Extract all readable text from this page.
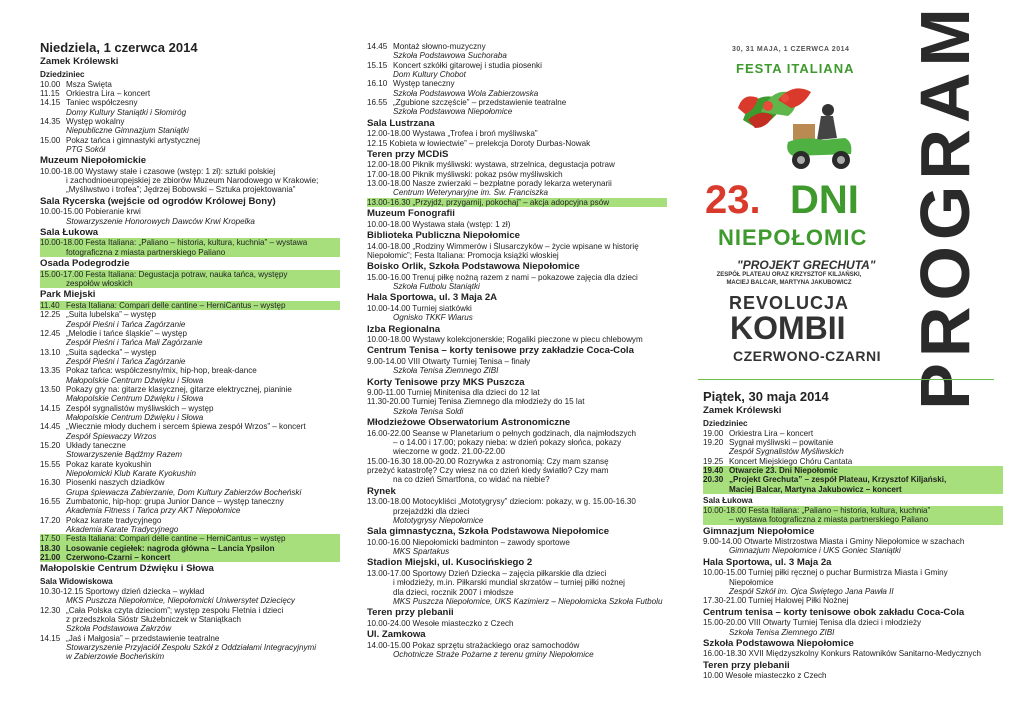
Niedziela, 1 czerwca 2014
Zamek Królewski
Dziedziniec
10.00 Msza Święta
11.15 Orkiestra Lira – koncert
14.15 Taniec współczesny
Domy Kultury Staniątki i Słomiróg
14.35 Występ wokalny
Niepubliczne Gimnazjum Staniątki
15.00 Pokaz tańca i gimnastyki artystycznej
PTG Sokół
Muzeum Niepołomickie
10.00-18.00 Wystawy stałe i czasowe (wstęp: 1 zł): sztuki polskiej
i zachodnioeuropejskiej ze zbiorów Muzeum Narodowego w Krakowie;
„Myśliwstwo i trofea”; Jędrzej Bobowski – Sztuka projektowania”
Sala Rycerska (wejście od ogrodów Królowej Bony)
10.00-15.00 Pobieranie krwi
Stowarzyszenie Honorowych Dawców Krwi Kropelka
Sala Łukowa
10.00-18.00 Festa Italiana: „Paliano – historia, kultura, kuchnia” – wystawa
fotograficzna z miasta partnerskiego Paliano
Osada Podegrodzie
15.00-17.00 Festa Italiana: Degustacja potraw, nauka tańca, występy
zespołów włoskich
Park Miejski
11.40 Festa Italiana: Compari delle cantine – HerniCantus – występ
12.25 „Suita lubelska” – występ
Zespół Pieśni i Tańca Zagórzanie
12.45 „Melodie i tańce śląskie” – występ
Zespół Pieśni i Tańca Mali Zagórzanie
13.10 „Suita sądecka” – występ
Zespół Pieśni i Tańca Zagórzanie
13.35 Pokaz tańca: współczesny/mix, hip-hop, break-dance
Małopolskie Centrum Dźwięku i Słowa
13.50 Pokazy gry na: gitarze klasycznej, gitarze elektrycznej, pianinie
Małopolskie Centrum Dźwięku i Słowa
14.15 Zespół sygnalistów myśliwskich – występ
Małopolskie Centrum Dźwięku i Słowa
14.45 „Wiecznie młody duchem i sercem śpiewa zespół Wrzos” – koncert
Zespół Śpiewaczy Wrzos
15.20 Układy taneczne
Stowarzyszenie Bądźmy Razem
15.55 Pokaz karate kyokushin
Niepołomicki Klub Karate Kyokushin
16.30 Piosenki naszych dziadków
Grupa śpiewacza Zabierzanie, Dom Kultury Zabierzów Bocheński
16.55 Zumbatonic, hip-hop: grupa Junior Dance – występ taneczny
Akademia Fitness i Tańca przy AKT Niepołomice
17.20 Pokaz karate tradycyjnego
Akademia Karate Tradycyjnego
17.50 Festa Italiana: Compari delle cantine – HerniCantus – występ
18.30 Losowanie cegiełek: nagroda główna – Lancia Ypsilon
21.00 Czerwono-Czarni – koncert
Małopolskie Centrum Dźwięku i Słowa
Sala Widowiskowa
10.30-12.15 Sportowy dzień dziecka – wykład
MKS Puszcza Niepołomice, Niepołomicki Uniwersytet Dziecięcy
12.30 „Cała Polska czyta dzieciom”; występ zespołu Fletnia i dzieci
z przedszkola Sióstr Służebniczek w Staniątkach
Szkoła Podstawowa Zakrzów
14.15 „Jaś i Małgosia” – przedstawienie teatralne
Stowarzyszenie Przyjaciół Zespołu Szkół z Oddziałami Integracyjnymi
w Zabierzowie Bocheńskim
14.45 Montaż słowno-muzyczny
Szkoła Podstawowa Suchoraba
15.15 Koncert szkółki gitarowej i studia piosenki
Dom Kultury Chobot
16.10 Występ taneczny
Szkoła Podstawowa Wola Zabierzowska
16.55 „Zgubione szczęście” – przedstawienie teatralne
Szkoła Podstawowa Niepołomice
Sala Lustrzana
12.00-18.00 Wystawa „Trofea i broń myśliwska”
12.15 Kobieta w łowiectwie” – prelekcja Doroty Durbas-Nowak
Teren przy MCDiS
12.00-18.00 Piknik myśliwski: wystawa, strzelnica, degustacja potraw
17.00-18.00 Piknik myśliwski: pokaz psów myśliwskich
13.00-18.00 Nasze zwierzaki – bezpłatne porady lekarza weterynarii
Centrum Weterynaryjne im. Św. Franciszka
13.00-16.30 „Przyjdź, przygarnij, pokochaj” – akcja adopcyjna psów
Muzeum Fonografii
10.00-18.00 Wystawa stała (wstęp: 1 zł)
Biblioteka Publiczna Niepołomice
14.00-18.00 „Rodziny Wimmerów i Ślusarczyków – życie wpisane w historię
Niepołomic”; Festa Italiana: Promocja książki włoskiej
Boisko Orlik, Szkoła Podstawowa Niepołomice
15.00-16.00 Trenuj piłkę nożną razem z nami – pokazowe zajęcia dla dzieci
Szkoła Futbolu Staniątki
Hala Sportowa, ul. 3 Maja 2A
10.00-14.00 Turniej siatkówki
Ognisko TKKF Wiarus
Izba Regionalna
10.00-18.00 Wystawy kolekcjonerskie; Rogaliki pieczone w piecu chlebowym
Centrum Tenisa – korty tenisowe przy zakładzie Coca-Cola
9.00-14.00 VIII Otwarty Turniej Tenisa – finały
Szkoła Tenisa Ziemnego ZIBI
Korty Tenisowe przy MKS Puszcza
9.00-11.00 Turniej Minitenisa dla dzieci do 12 lat
11.30-20.00 Turniej Tenisa Ziemnego dla młodzieży do 15 lat
Szkoła Tenisa Soldi
Młodzieżowe Obserwatorium Astronomiczne
16.00-22.00 Seanse w Planetarium o pełnych godzinach, dla najmłodszych
– o 14.00 i 17.00; pokazy nieba: w dzień pokazy słońca, pokazy
wieczorne w godz. 21.00-22.00
15.00-16.30 18.00-20.00 Rozrywka z astronomią: Czy mam szansę
przeżyć katastrofę? Czy wiesz na co dzień kiedy światło? Czy mam
na co dzień Smartfona, co widać na niebie?
Rynek
13.00-18.00 Motocykliści „Mototygrysy” dzieciom: pokazy, w g. 15.00-16.30
przejażdżki dla dzieci
Mototygrysy Niepołomice
Sala gimnastyczna, Szkoła Podstawowa Niepołomice
10.00-16.00 Niepołomicki badminton – zawody sportowe
MKS Spartakus
Stadion Miejski, ul. Kusocińskiego 2
13.00-17.00 Sportowy Dzień Dziecka – zajęcia piłkarskie dla dzieci
i młodzieży, m.in. Piłkarski mundial skrzatów – turniej piłki nożnej
dla dzieci, rocznik 2007 i młodsze
MKS Puszcza Niepołomice, UKS Kazimierz – Niepołomicka Szkoła Futbolu
Teren przy plebanii
10.00-24.00 Wesołe miasteczko z Czech
Ul. Zamkowa
14.00-15.00 Pokaz sprzętu strażackiego oraz samochodów
Ochotnicze Straże Pożarne z terenu gminy Niepołomice
30, 31 MAJA, 1 CZERWCA 2014
FESTA ITALIANA
23. DNI
NIEPOŁOMIC
"PROJEKT GRECHUTA"
ZESPÓŁ PLATEAU ORAZ KRZYSZTOF KILJAŃSKI, MACIEJ BALCAR, MARTYNA JAKUBOWICZ
REVOLUCJA
KOMBII
CZERWONO-CZARNI PROGRAM
Piątek, 30 maja 2014
Zamek Królewski
Dziedziniec
19.00 Orkiestra Lira – koncert
19.20 Sygnał myśliwski – powitanie
Zespół Sygnalistów Myśliwskich
19.25 Koncert Miejskiego Chóru Cantata
19.40 Otwarcie 23. Dni Niepołomic
20.30 „Projekt Grechuta” – zespół Plateau, Krzysztof Kiljański,
Maciej Balcar, Martyna Jakubowicz – koncert
Sala Łukowa
10.00-18.00 Festa Italiana: „Paliano – historia, kultura, kuchnia”
– wystawa fotograficzna z miasta partnerskiego Paliano
Gimnazjum Niepołomice
9.00-14.00 Otwarte Mistrzostwa Miasta i Gminy Niepołomice w szachach
Gimnazjum Niepołomice i UKS Goniec Staniątki
Hala Sportowa, ul. 3 Maja 2a
10.00-15.00 Turniej piłki ręcznej o puchar Burmistrza Miasta i Gminy
Niepołomice
Zespół Szkół im. Ojca Świętego Jana Pawła II
17.30-21.00 Turniej Halowej Piłki Nożnej
Centrum tenisa – korty tenisowe obok zakładu Coca-Cola
15.00-20.00 VIII Otwarty Turniej Tenisa dla dzieci i młodzieży
Szkoła Tenisa Ziemnego ZIBI
Szkoła Podstawowa Niepołomice
16.00-18.30 XVII Międzyszkolny Konkurs Ratowników Sanitarno-Medycznych
Teren przy plebanii
10.00 Wesołe miasteczko z Czech
